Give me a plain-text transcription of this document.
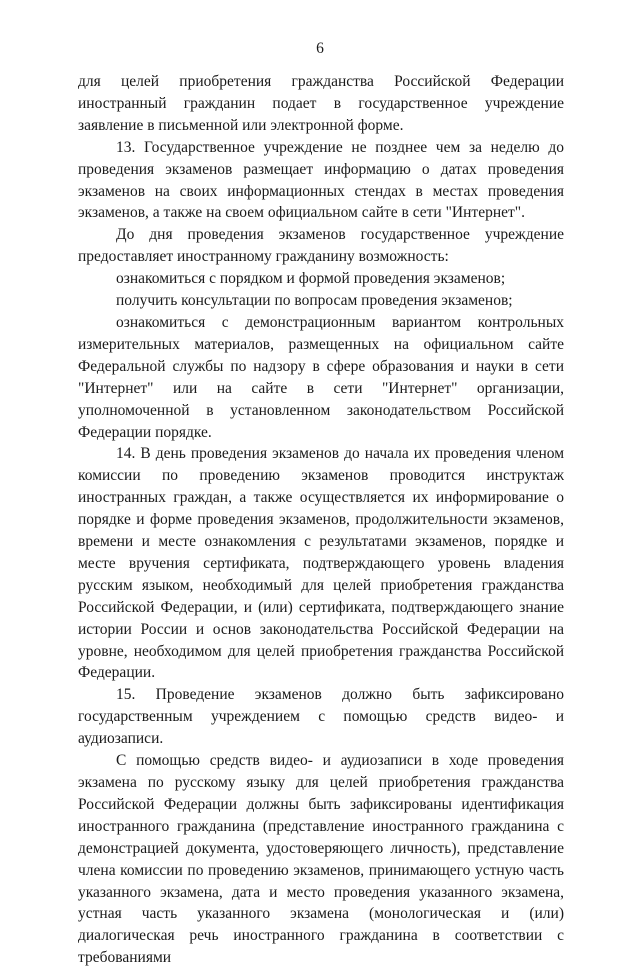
6

для целей приобретения гражданства Российской Федерации иностранный гражданин подает в государственное учреждение заявление в письменной или электронной форме.

13. Государственное учреждение не позднее чем за неделю до проведения экзаменов размещает информацию о датах проведения экзаменов на своих информационных стендах в местах проведения экзаменов, а также на своем официальном сайте в сети "Интернет".

До дня проведения экзаменов государственное учреждение предоставляет иностранному гражданину возможность:

ознакомиться с порядком и формой проведения экзаменов;

получить консультации по вопросам проведения экзаменов;

ознакомиться с демонстрационным вариантом контрольных измерительных материалов, размещенных на официальном сайте Федеральной службы по надзору в сфере образования и науки в сети "Интернет" или на сайте в сети "Интернет" организации, уполномоченной в установленном законодательством Российской Федерации порядке.

14. В день проведения экзаменов до начала их проведения членом комиссии по проведению экзаменов проводится инструктаж иностранных граждан, а также осуществляется их информирование о порядке и форме проведения экзаменов, продолжительности экзаменов, времени и месте ознакомления с результатами экзаменов, порядке и месте вручения сертификата, подтверждающего уровень владения русским языком, необходимый для целей приобретения гражданства Российской Федерации, и (или) сертификата, подтверждающего знание истории России и основ законодательства Российской Федерации на уровне, необходимом для целей приобретения гражданства Российской Федерации.

15. Проведение экзаменов должно быть зафиксировано государственным учреждением с помощью средств видео- и аудиозаписи.

С помощью средств видео- и аудиозаписи в ходе проведения экзамена по русскому языку для целей приобретения гражданства Российской Федерации должны быть зафиксированы идентификация иностранного гражданина (представление иностранного гражданина с демонстрацией документа, удостоверяющего личность), представление члена комиссии по проведению экзаменов, принимающего устную часть указанного экзамена, дата и место проведения указанного экзамена, устная часть указанного экзамена (монологическая и (или) диалогическая речь иностранного гражданина в соответствии с требованиями
